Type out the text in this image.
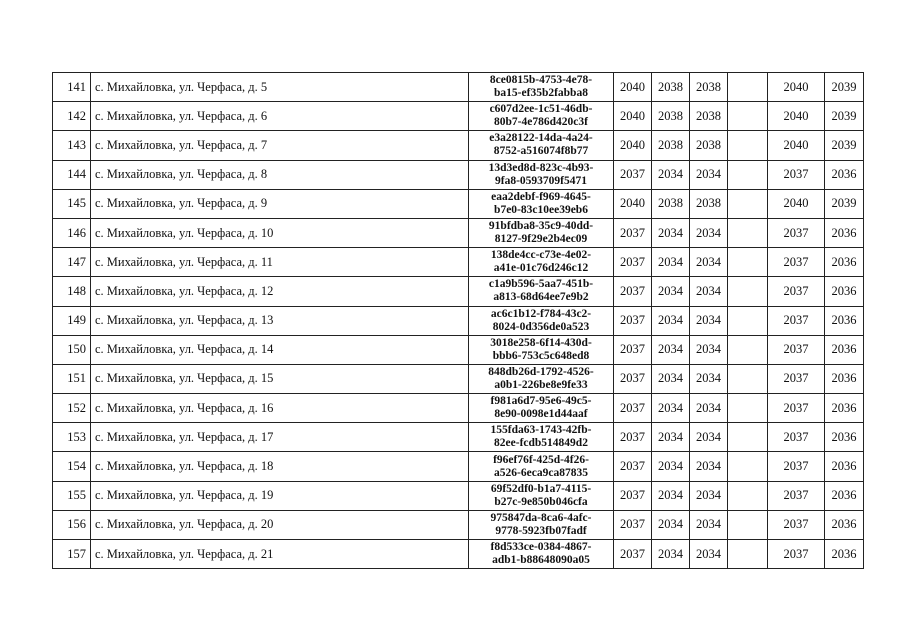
141	с. Михайловка, ул. Черфаса, д. 5	8ce0815b-4753-4e78-
ba15-ef35b2fabba8	2040	2038	2038		2040	2039
142	с. Михайловка, ул. Черфаса, д. 6	c607d2ee-1c51-46db-
80b7-4e786d420c3f	2040	2038	2038		2040	2039
143	с. Михайловка, ул. Черфаса, д. 7	e3a28122-14da-4a24-
8752-a516074f8b77	2040	2038	2038		2040	2039
144	с. Михайловка, ул. Черфаса, д. 8	13d3ed8d-823c-4b93-
9fa8-0593709f5471	2037	2034	2034		2037	2036
145	с. Михайловка, ул. Черфаса, д. 9	eaa2debf-f969-4645-
b7e0-83c10ee39eb6	2040	2038	2038		2040	2039
146	с. Михайловка, ул. Черфаса, д. 10	91bfdba8-35c9-40dd-
8127-9f29e2b4ec09	2037	2034	2034		2037	2036
147	с. Михайловка, ул. Черфаса, д. 11	138de4cc-c73e-4e02-
a41e-01c76d246c12	2037	2034	2034		2037	2036
148	с. Михайловка, ул. Черфаса, д. 12	c1a9b596-5aa7-451b-
a813-68d64ee7e9b2	2037	2034	2034		2037	2036
149	с. Михайловка, ул. Черфаса, д. 13	ac6c1b12-f784-43c2-
8024-0d356de0a523	2037	2034	2034		2037	2036
150	с. Михайловка, ул. Черфаса, д. 14	3018e258-6f14-430d-
bbb6-753c5c648ed8	2037	2034	2034		2037	2036
151	с. Михайловка, ул. Черфаса, д. 15	848db26d-1792-4526-
a0b1-226be8e9fe33	2037	2034	2034		2037	2036
152	с. Михайловка, ул. Черфаса, д. 16	f981a6d7-95e6-49c5-
8e90-0098e1d44aaf	2037	2034	2034		2037	2036
153	с. Михайловка, ул. Черфаса, д. 17	155fda63-1743-42fb-
82ee-fcdb514849d2	2037	2034	2034		2037	2036
154	с. Михайловка, ул. Черфаса, д. 18	f96ef76f-425d-4f26-
a526-6eca9ca87835	2037	2034	2034		2037	2036
155	с. Михайловка, ул. Черфаса, д. 19	69f52df0-b1a7-4115-
b27c-9e850b046cfa	2037	2034	2034		2037	2036
156	с. Михайловка, ул. Черфаса, д. 20	975847da-8ca6-4afc-
9778-5923fb07fadf	2037	2034	2034		2037	2036
157	с. Михайловка, ул. Черфаса, д. 21	f8d533ce-0384-4867-
adb1-b88648090a05	2037	2034	2034		2037	2036
